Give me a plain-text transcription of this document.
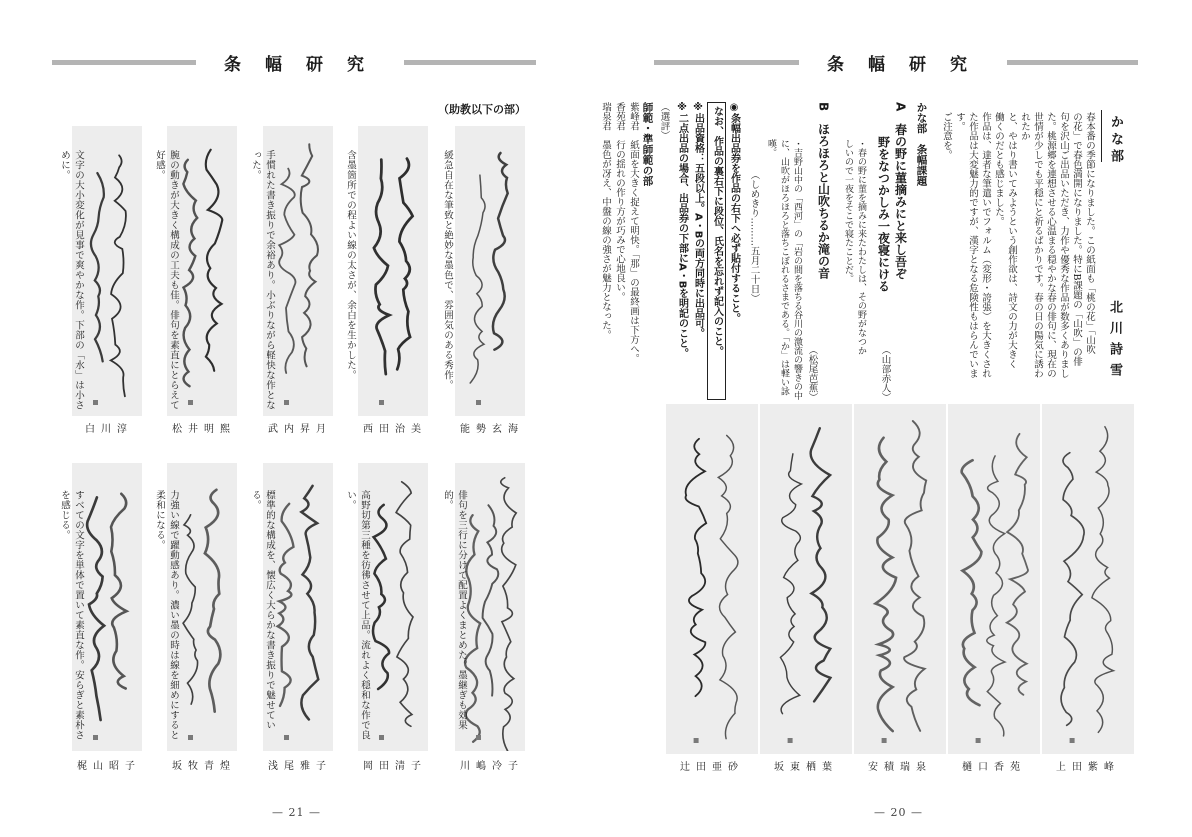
条幅研究
（助教以下の部）
緩急自在な筆致と絶妙な墨色で、雰囲気のある秀作。
能勢玄海
含墨箇所での程よい線の太さが、余白を生かした。
西田治美
手慣れた書き振りで余裕あり。小ぶりながら軽快な作となった。
武内昇月
腕の動きが大きく構成の工夫も佳。俳句を素直にとらえて好感。
松井明熙
文字の大小変化が見事で爽やかな作。下部の「水」は小さめに。
白川淳
俳句を三行に分けて配置よくまとめた。墨継ぎも効果的。
川嶋冷子
高野切第三種を彷彿させて上品。流れよく穏和な作で良い。
岡田清子
標準的な構成を、懐広く大らかな書き振りで魅せている。
浅尾雅子
力強い線で躍動感あり。濃い墨の時は線を細めにすると柔和になる。
坂牧青煌
すべての文字を単体で置いて素直な作。安らぎと素朴さを感じる。
梶山昭子
— 21 —
条幅研究
かな部
北川詩雪
春本番の季節になりました。この紙面も「桃の花」「山吹
の花」で春色満開になりました。特にB課題の「山吹」の俳
句を沢山ご出品いただき、力作や優秀な作品が数多くありまし
た。桃源郷を連想させる心温まる穏やかな春の俳句に、現在の
世情が少しでも平穏にと祈るばかりです。春の日の陽気に誘われたか
と、やはり書いてみようという創作欲は、詩文の力が大きく
働くのだとも感じました。
作品は、達者な筆遣いでフォルム（変形・誇張）を大きくされ
た作品は大変魅力的ですが、漢字となる危険性もはらんでいます。
ご注意を。
かな部　条幅課題
A　春の野に菫摘みにと来し吾ぞ
野をなつかしみ一夜寝にける
（山部赤人）
・春の野に菫を摘みに来たわたしは、その野がなつかしいので一夜をそこで寝たことだ。
B　ほろほろと山吹ちるか滝の音
（松尾芭蕉）
・吉野山中の「西河」の「岩の間を落ちる谷川の激流の響きの中に、山吹がほろほろと落ちこぼれるさまである。「か」は軽い詠嘆。
（しめきり………五月二十日）
◉条幅出品券を作品の右下へ必ず貼付すること。
なお、作品の裏右下に段位、氏名を忘れず記入のこと。
※出品資格：五段以上。A・Bの両方同時に出品可。
※二点出品の場合、出品券の下部にA・Bを明記のこと。
（選評）
師範・準師範の部
紫峰君　紙面を大きく捉えて明快。「那」の最終画は下方へ。
香苑君　行の揺れの作り方が巧みで心地良い。
瑞泉君　墨色が冴え、中盤の線の強さが魅力となった。
上田紫峰
樋口香苑
安積瑞泉
坂東栖葉
辻田亜砂
— 20 —
